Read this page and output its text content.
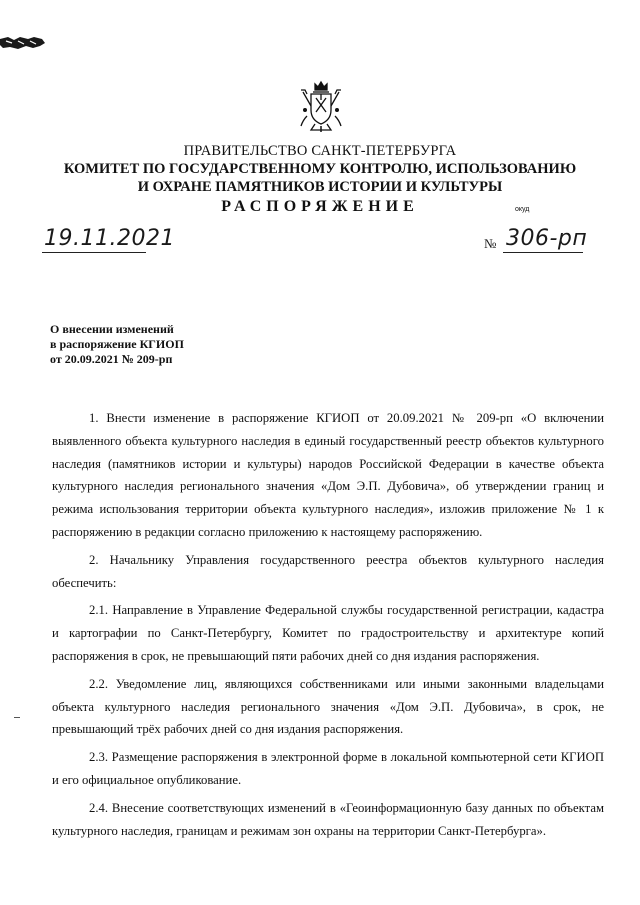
ПРАВИТЕЛЬСТВО САНКТ-ПЕТЕРБУРГА
КОМИТЕТ ПО ГОСУДАРСТВЕННОМУ КОНТРОЛЮ, ИСПОЛЬЗОВАНИЮ
И ОХРАНЕ ПАМЯТНИКОВ ИСТОРИИ И КУЛЬТУРЫ
РАСПОРЯЖЕНИЕ	окуд
19.11.2021	№ 306-рп
О внесении изменений
в распоряжение КГИОП
от 20.09.2021 № 209-рп

1. Внести изменение в распоряжение КГИОП от 20.09.2021 № 209-рп «О включении выявленного объекта культурного наследия в единый государственный реестр объектов культурного наследия (памятников истории и культуры) народов Российской Федерации в качестве объекта культурного наследия регионального значения «Дом Э.П. Дубовича», об утверждении границ и режима использования территории объекта культурного наследия», изложив приложение № 1 к распоряжению в редакции согласно приложению к настоящему распоряжению.

2. Начальнику Управления государственного реестра объектов культурного наследия обеспечить:

2.1. Направление в Управление Федеральной службы государственной регистрации, кадастра и картографии по Санкт-Петербургу, Комитет по градостроительству и архитектуре копий распоряжения в срок, не превышающий пяти рабочих дней со дня издания распоряжения.

2.2. Уведомление лиц, являющихся собственниками или иными законными владельцами объекта культурного наследия регионального значения «Дом Э.П. Дубовича», в срок, не превышающий трёх рабочих дней со дня издания распоряжения.

2.3. Размещение распоряжения в электронной форме в локальной компьютерной сети КГИОП и его официальное опубликование.

2.4. Внесение соответствующих изменений в «Геоинформационную базу данных по объектам культурного наследия, границам и режимам зон охраны на территории Санкт-Петербурга».
